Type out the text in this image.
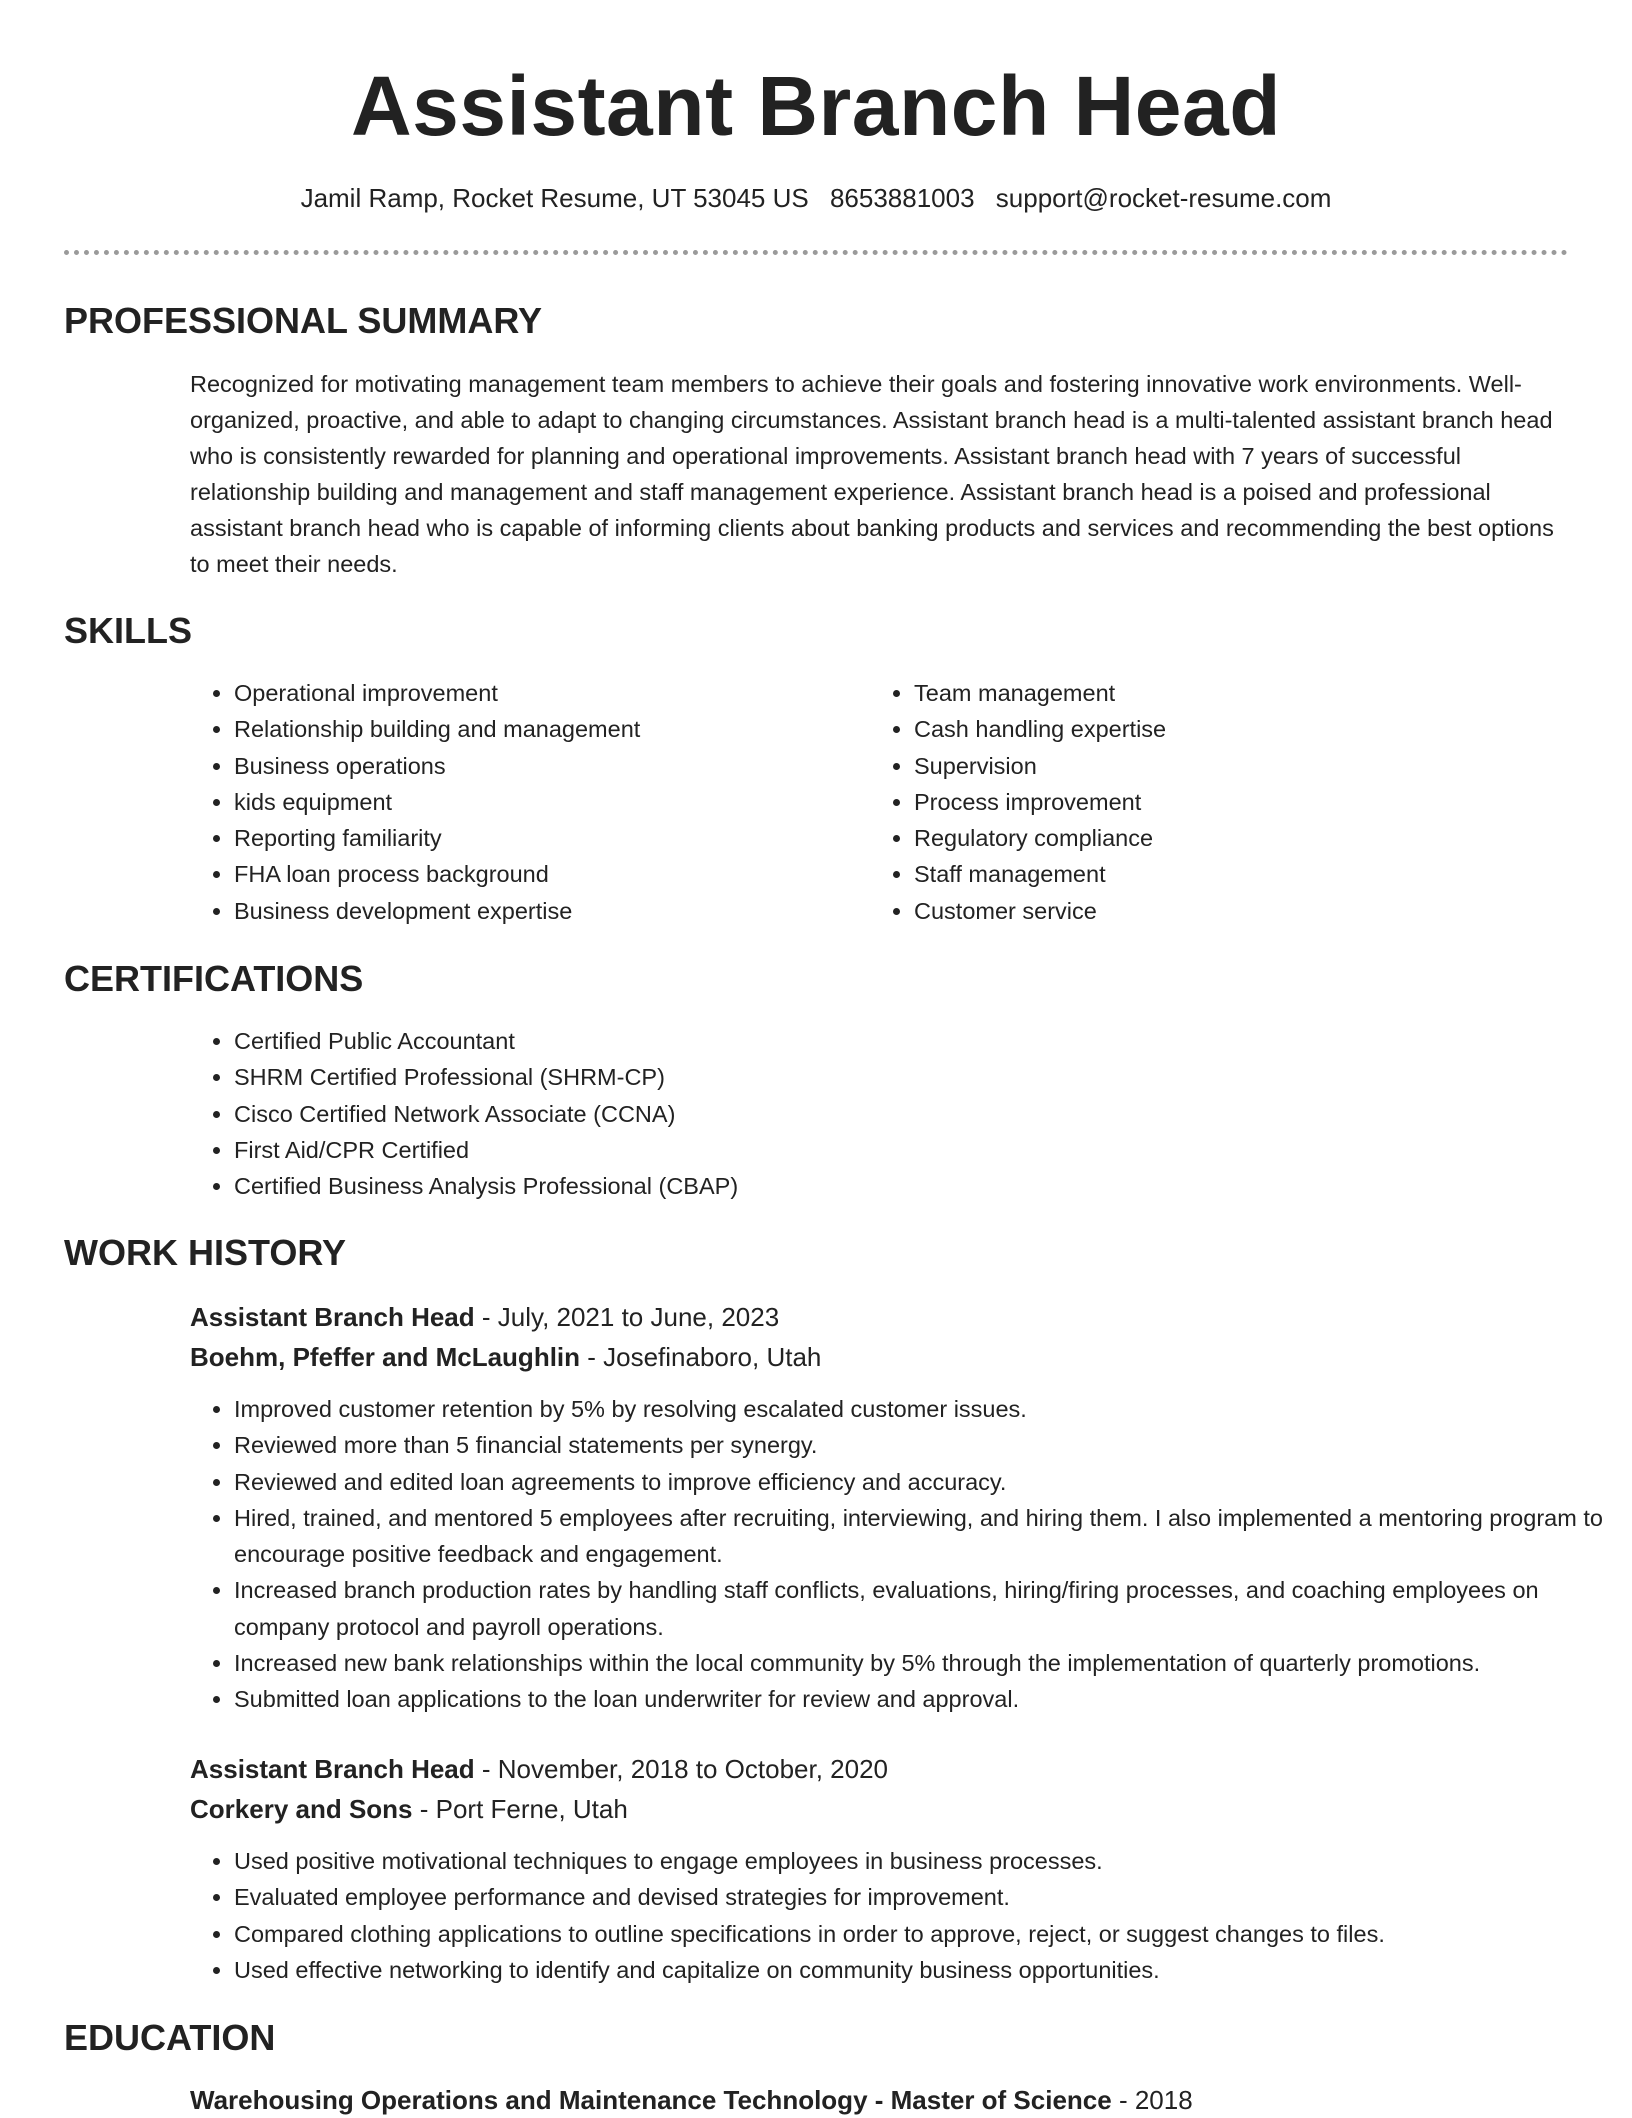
Assistant Branch Head
Jamil Ramp, Rocket Resume, UT 53045 US 8653881003 support@rocket-resume.com
PROFESSIONAL SUMMARY

Recognized for motivating management team members to achieve their goals and fostering innovative work environments. Well-organized, proactive, and able to adapt to changing circumstances. Assistant branch head is a multi-talented assistant branch head who is consistently rewarded for planning and operational improvements. Assistant branch head with 7 years of successful relationship building and management and staff management experience. Assistant branch head is a poised and professional assistant branch head who is capable of informing clients about banking products and services and recommending the best options to meet their needs.

SKILLS
• Operational improvement
• Relationship building and management
• Business operations
• kids equipment
• Reporting familiarity
• FHA loan process background
• Business development expertise
• Team management
• Cash handling expertise
• Supervision
• Process improvement
• Regulatory compliance
• Staff management
• Customer service
CERTIFICATIONS
• Certified Public Accountant
• SHRM Certified Professional (SHRM-CP)
• Cisco Certified Network Associate (CCNA)
• First Aid/CPR Certified
• Certified Business Analysis Professional (CBAP)
WORK HISTORY
Assistant Branch Head - July, 2021 to June, 2023
Boehm, Pfeffer and McLaughlin - Josefinaboro, Utah
• Improved customer retention by 5% by resolving escalated customer issues.
• Reviewed more than 5 financial statements per synergy.
• Reviewed and edited loan agreements to improve efficiency and accuracy.
• Hired, trained, and mentored 5 employees after recruiting, interviewing, and hiring them. I also implemented a mentoring program to encourage positive feedback and engagement.
• Increased branch production rates by handling staff conflicts, evaluations, hiring/firing processes, and coaching employees on company protocol and payroll operations.
• Increased new bank relationships within the local community by 5% through the implementation of quarterly promotions.
• Submitted loan applications to the loan underwriter for review and approval.
Assistant Branch Head - November, 2018 to October, 2020
Corkery and Sons - Port Ferne, Utah
• Used positive motivational techniques to engage employees in business processes.
• Evaluated employee performance and devised strategies for improvement.
• Compared clothing applications to outline specifications in order to approve, reject, or suggest changes to files.
• Used effective networking to identify and capitalize on community business opportunities.
EDUCATION
Warehousing Operations and Maintenance Technology - Master of Science - 2018
